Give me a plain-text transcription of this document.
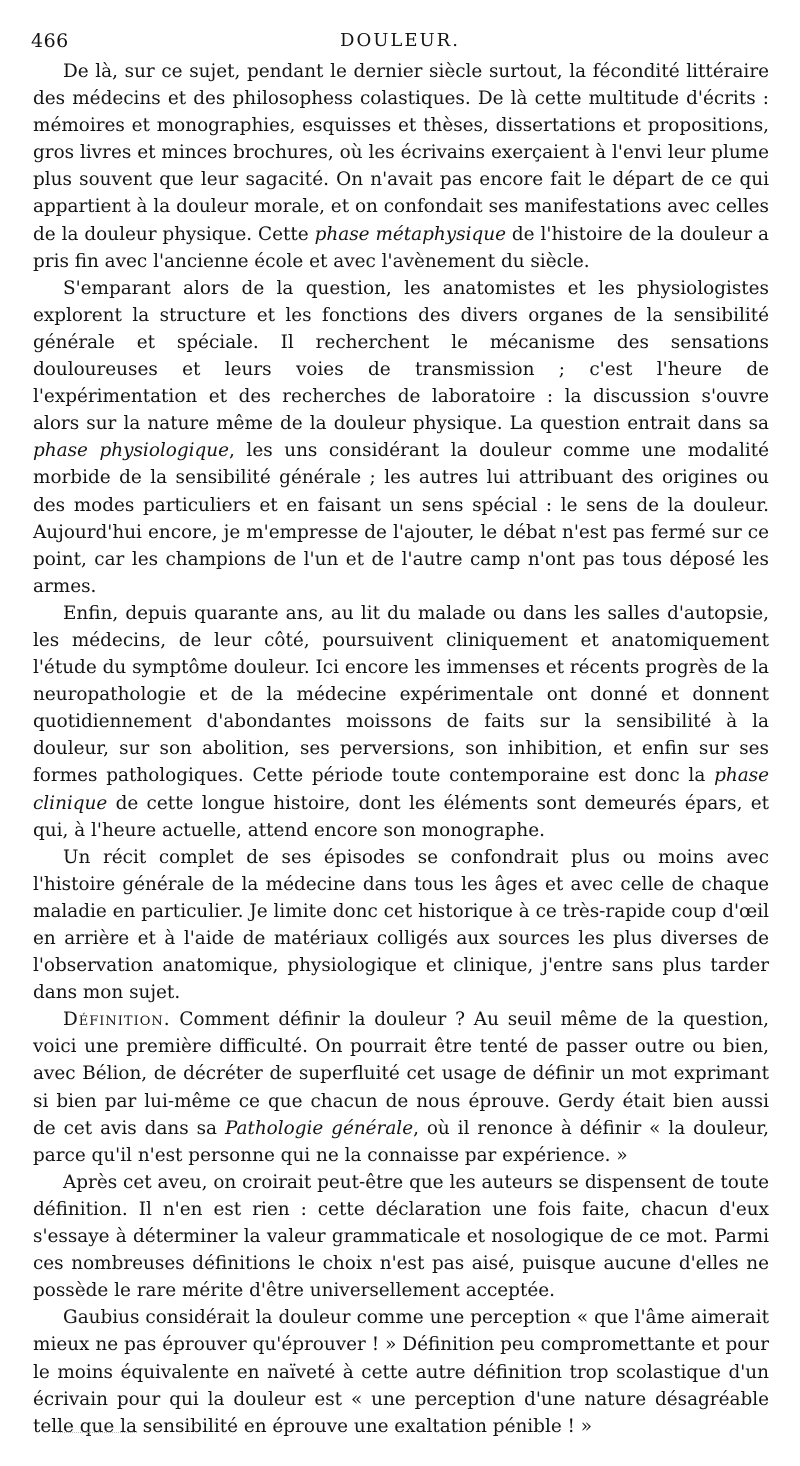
466	DOULEUR.

De là, sur ce sujet, pendant le dernier siècle surtout, la fécondité littéraire des médecins et des philosophess colastiques. De là cette multitude d'écrits : mémoires et monographies, esquisses et thèses, dissertations et propositions, gros livres et minces brochures, où les écrivains exerçaient à l'envi leur plume plus souvent que leur sagacité. On n'avait pas encore fait le départ de ce qui appartient à la douleur morale, et on confondait ses manifestations avec celles de la douleur physique. Cette phase métaphysique de l'histoire de la douleur a pris fin avec l'ancienne école et avec l'avènement du siècle.

S'emparant alors de la question, les anatomistes et les physiologistes explorent la structure et les fonctions des divers organes de la sensibilité générale et spéciale. Il recherchent le mécanisme des sensations douloureuses et leurs voies de transmission ; c'est l'heure de l'expérimentation et des recherches de laboratoire : la discussion s'ouvre alors sur la nature même de la douleur physique. La question entrait dans sa phase physiologique, les uns considérant la douleur comme une modalité morbide de la sensibilité générale ; les autres lui attribuant des origines ou des modes particuliers et en faisant un sens spécial : le sens de la douleur. Aujourd'hui encore, je m'empresse de l'ajouter, le débat n'est pas fermé sur ce point, car les champions de l'un et de l'autre camp n'ont pas tous déposé les armes.

Enfin, depuis quarante ans, au lit du malade ou dans les salles d'autopsie, les médecins, de leur côté, poursuivent cliniquement et anatomiquement l'étude du symptôme douleur. Ici encore les immenses et récents progrès de la neuropathologie et de la médecine expérimentale ont donné et donnent quotidiennement d'abondantes moissons de faits sur la sensibilité à la douleur, sur son abolition, ses perversions, son inhibition, et enfin sur ses formes pathologiques. Cette période toute contemporaine est donc la phase clinique de cette longue histoire, dont les éléments sont demeurés épars, et qui, à l'heure actuelle, attend encore son monographe.

Un récit complet de ses épisodes se confondrait plus ou moins avec l'histoire générale de la médecine dans tous les âges et avec celle de chaque maladie en particulier. Je limite donc cet historique à ce très-rapide coup d'œil en arrière et à l'aide de matériaux colligés aux sources les plus diverses de l'observation anatomique, physiologique et clinique, j'entre sans plus tarder dans mon sujet.

Définition. Comment définir la douleur ? Au seuil même de la question, voici une première difficulté. On pourrait être tenté de passer outre ou bien, avec Bélion, de décréter de superfluité cet usage de définir un mot exprimant si bien par lui-même ce que chacun de nous éprouve. Gerdy était bien aussi de cet avis dans sa Pathologie générale, où il renonce à définir « la douleur, parce qu'il n'est personne qui ne la connaisse par expérience. »

Après cet aveu, on croirait peut-être que les auteurs se dispensent de toute définition. Il n'en est rien : cette déclaration une fois faite, chacun d'eux s'essaye à déterminer la valeur grammaticale et nosologique de ce mot. Parmi ces nombreuses définitions le choix n'est pas aisé, puisque aucune d'elles ne possède le rare mérite d'être universellement acceptée.

Gaubius considérait la douleur comme une perception « que l'âme aimerait mieux ne pas éprouver qu'éprouver ! » Définition peu compromettante et pour le moins équivalente en naïveté à cette autre définition trop scolastique d'un écrivain pour qui la douleur est « une perception d'une nature désagréable telle que la sensibilité en éprouve une exaltation pénible ! »
